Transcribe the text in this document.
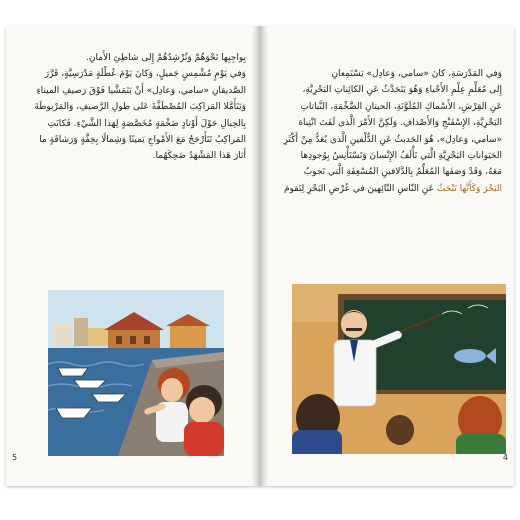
بِواجِبِها تَحْوَهُمْ وَتُرْشِدُهُمْ إِلى شاطِئِ الأَمانِ.

وَفي يَوْمٍ مُشْمِسٍ جَميلٍ، وَكانَ يَوْمَ عُطْلَةٍ مَدْرَسِيَّةٍ، قَرَّرَ

الصَّديقانِ «سامي، وَعادِل» أَنْ يَتَمَشَّيا فَوْقَ رَصيفِ الميناءِ

وَيَتَأَمَّلا المَراكِبَ المُصْطَفَّةَ عَلى طولِ الرَّصيفِ، وَالمَرْبوطَةَ

بِالحِبالِ حَوْلَ أَوْتادٍ ضَخْمَةٍ مُخَصَّصَةٍ لِهَذا الشَّيْءِ. فَكانَتِ

المَراكِبُ تَتَأَرْجَحُ مَعَ الأَمْواجِ يَمينًا وَشِمالًا بِخِفَّةٍ وَرَشاقَةٍ ما

أَثارَ هَذا المَشْهَدُ ضَحِكَهُما.

5

وَفي المَدْرَسَةِ، كانَ «سامي، وَعادِل» يَسْتَمِعانِ

إِلى مُعَلِّمِ عِلْمِ الأَحْياءِ وَهُوَ يَتَحَدَّثُ عَنِ الكائِناتِ البَحْرِيَّةِ،

عَنِ القِرْشِ، الأَسْماكِ المُلَوَّنَةِ، الحيتانِ الضَّخْمَةِ، النَّباتاتِ

البَحْرِيَّةِ، الإِسْفَنْجِ وَالأَصْدافِ. وَلَكِنَّ الأَمْرَ الَّذي لَفَتَ انْتِباهَ

«سامي، وَعادِل»، هُوَ الحَديثُ عَنِ الدُّلْفينِ الَّذي يُعَدُّ مِنْ أَكْثَرِ

الحَيَواناتِ البَحْرِيَّةِ الَّتي تَأْلَفُ الإِنْسانَ وَتَسْتَأْنِسُ بِوُجودِها

مَعَهُ، وَقَدْ وَصَفَها المُعَلِّمُ بِالدَّلافينِ المُسْعِفَةِ الَّتي تَجوبُ

البَحْرَ وَكَأَنَّها تَبْحَثُ عَنِ النّاسِ التّائِهينَ في عُرْضِ البَحْرِ لِتَقومَ

4
